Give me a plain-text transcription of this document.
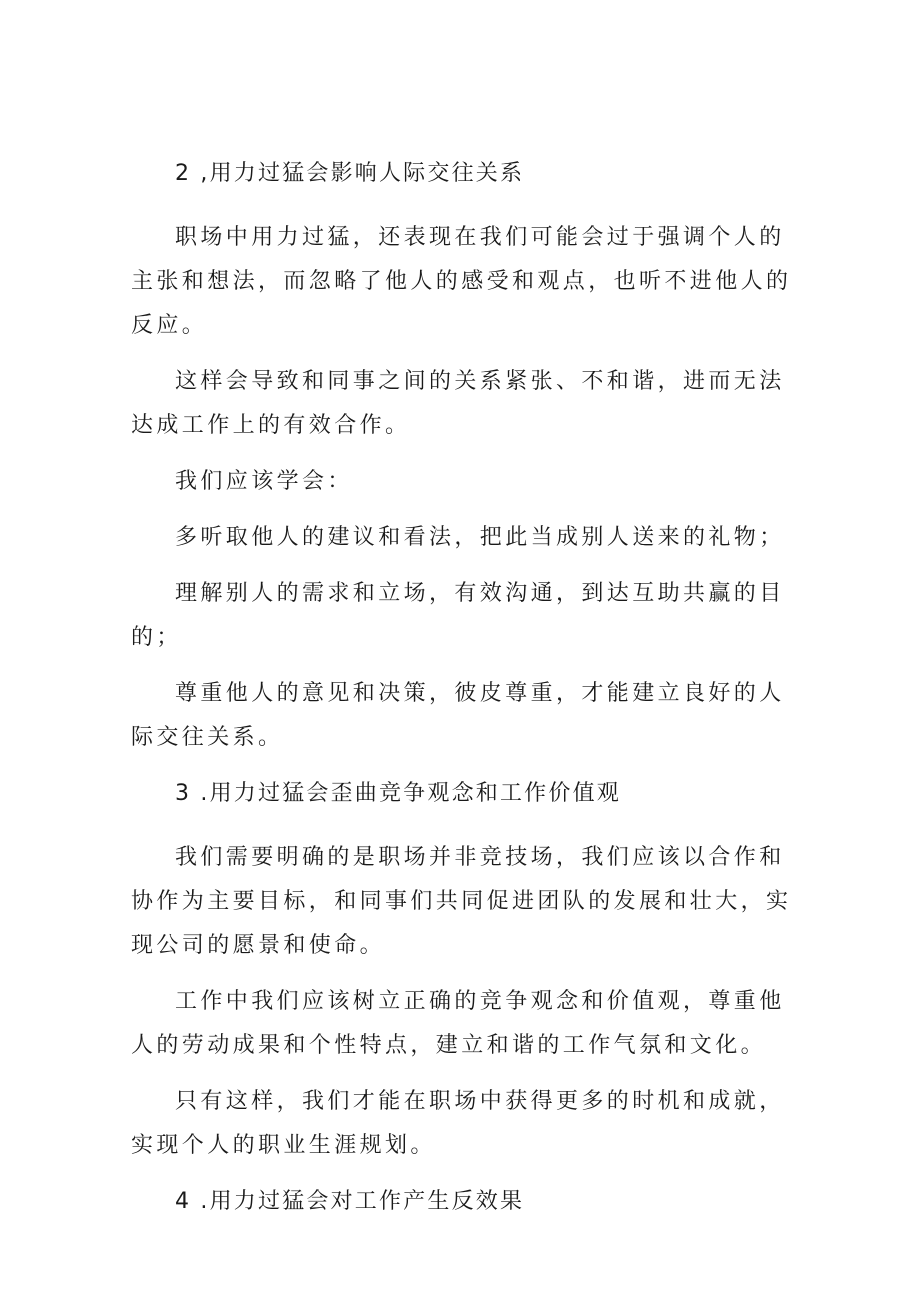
2 ,用力过猛会影响人际交往关系

职场中用力过猛，还表现在我们可能会过于强调个人的主张和想法，而忽略了他人的感受和观点，也听不进他人的反应。

这样会导致和同事之间的关系紧张、不和谐，进而无法达成工作上的有效合作。

我们应该学会：

多听取他人的建议和看法，把此当成别人送来的礼物；

理解别人的需求和立场，有效沟通，到达互助共赢的目的；

尊重他人的意见和决策，彼皮尊重，才能建立良好的人际交往关系。

3 .用力过猛会歪曲竞争观念和工作价值观

我们需要明确的是职场并非竞技场，我们应该以合作和协作为主要目标，和同事们共同促进团队的发展和壮大，实现公司的愿景和使命。

工作中我们应该树立正确的竞争观念和价值观，尊重他人的劳动成果和个性特点，建立和谐的工作气氛和文化。

只有这样，我们才能在职场中获得更多的时机和成就，实现个人的职业生涯规划。

4 .用力过猛会对工作产生反效果
